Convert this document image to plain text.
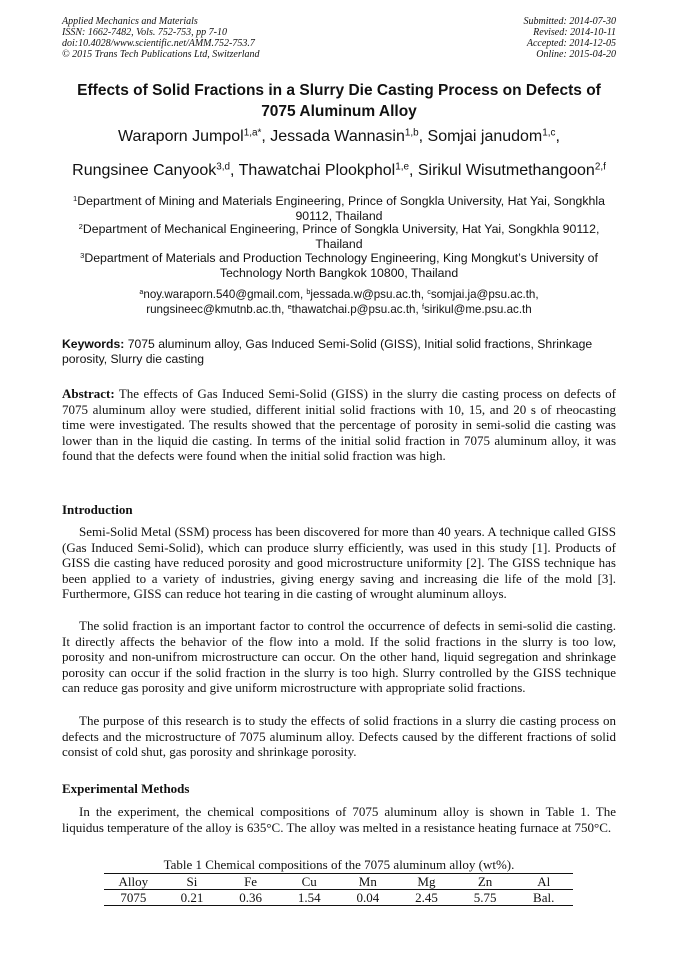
Applied Mechanics and Materials
ISSN: 1662-7482, Vols. 752-753, pp 7-10
doi:10.4028/www.scientific.net/AMM.752-753.7
© 2015 Trans Tech Publications Ltd, Switzerland
Submitted: 2014-07-30
Revised: 2014-10-11
Accepted: 2014-12-05
Online: 2015-04-20
Effects of Solid Fractions in a Slurry Die Casting Process on Defects of
7075 Aluminum Alloy
Waraporn Jumpol$^{1,a*}$, Jessada Wannasin$^{1,b}$, Somjai janudom$^{1,c}$,
Rungsinee Canyook$^{3,d}$, Thawatchai Plookphol$^{1,e}$, Sirikul Wisutmethangoon$^{2,f}$
$^1$Department of Mining and Materials Engineering, Prince of Songkla University, Hat Yai, Songkhla 90112, Thailand
$^2$Department of Mechanical Engineering, Prince of Songkla University, Hat Yai, Songkhla 90112, Thailand
$^3$Department of Materials and Production Technology Engineering, King Mongkut’s University of Technology North Bangkok 10800, Thailand
$^a$noy.waraporn.540@gmail.com, $^b$jessada.w@psu.ac.th, $^c$somjai.ja@psu.ac.th,
rungsineec@kmutnb.ac.th, $^e$thawatchai.p@psu.ac.th, $^f$sirikul@me.psu.ac.th
Keywords: 7075 aluminum alloy, Gas Induced Semi-Solid (GISS), Initial solid fractions, Shrinkage porosity, Slurry die casting
Abstract: The effects of Gas Induced Semi-Solid (GISS) in the slurry die casting process on defects of 7075 aluminum alloy were studied, different initial solid fractions with 10, 15, and 20 s of rheocasting time were investigated. The results showed that the percentage of porosity in semi-solid die casting was lower than in the liquid die casting. In terms of the initial solid fraction in 7075 aluminum alloy, it was found that the defects were found when the initial solid fraction was high.
Introduction
Semi-Solid Metal (SSM) process has been discovered for more than 40 years. A technique called GISS (Gas Induced Semi-Solid), which can produce slurry efficiently, was used in this study [1]. Products of GISS die casting have reduced porosity and good microstructure uniformity [2]. The GISS technique has been applied to a variety of industries, giving energy saving and increasing die life of the mold [3]. Furthermore, GISS can reduce hot tearing in die casting of wrought aluminum alloys.
The solid fraction is an important factor to control the occurrence of defects in semi-solid die casting. It directly affects the behavior of the flow into a mold. If the solid fractions in the slurry is too low, porosity and non-unifrom microstructure can occur. On the other hand, liquid segregation and shrinkage porosity can occur if the solid fraction in the slurry is too high. Slurry controlled by the GISS technique can reduce gas porosity and give uniform microstructure with appropriate solid fractions.
The purpose of this research is to study the effects of solid fractions in a slurry die casting process on defects and the microstructure of 7075 aluminum alloy. Defects caused by the different fractions of solid consist of cold shut, gas porosity and shrinkage porosity.
Experimental Methods
In the experiment, the chemical compositions of 7075 aluminum alloy is shown in Table 1. The liquidus temperature of the alloy is 635°C. The alloy was melted in a resistance heating furnace at 750°C.
Table 1 Chemical compositions of the 7075 aluminum alloy (wt%).
Alloy	Si	Fe	Cu	Mn	Mg	Zn	Al
7075	0.21	0.36	1.54	0.04	2.45	5.75	Bal.
